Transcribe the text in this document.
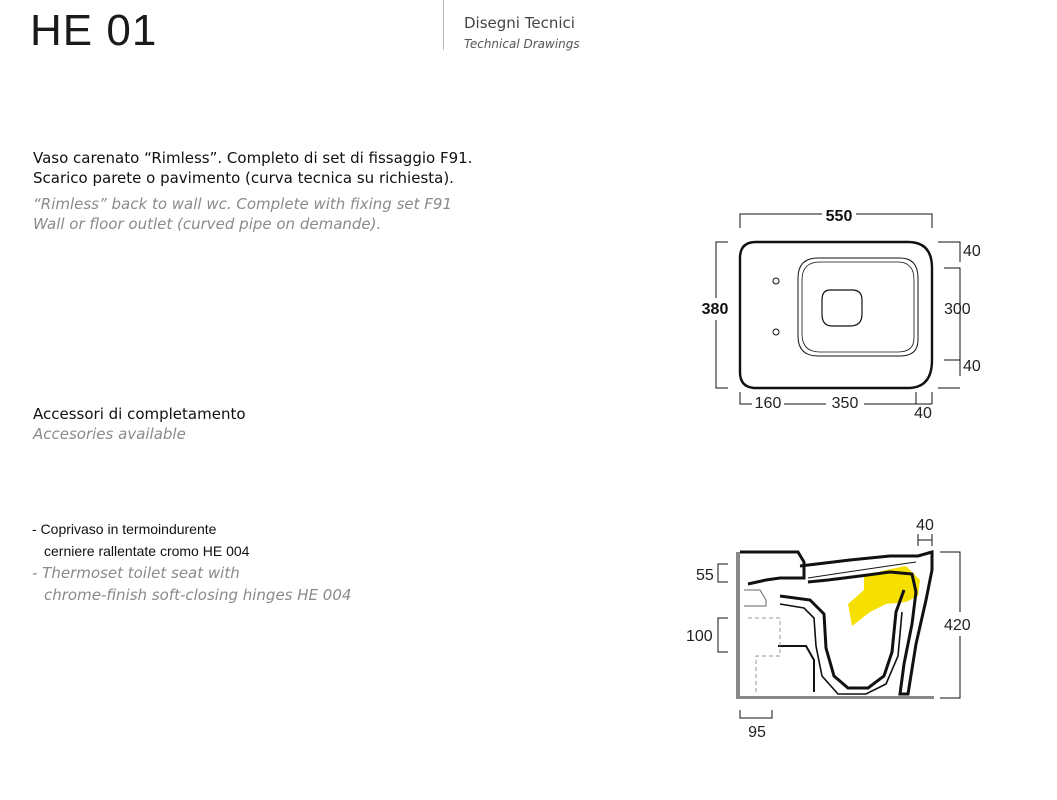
HE 01	Disegni Tecnici
Technical Drawings
Vaso carenato “Rimless”. Completo di set di fissaggio F91.
Scarico parete o pavimento (curva tecnica su richiesta).
“Rimless” back to wall wc. Complete with fixing set F91
Wall or floor outlet (curved pipe on demande).
Accessori di completamento
Accesories available
- Coprivaso in termoindurente
cerniere rallentate cromo HE 004
- Thermoset toilet seat with
chrome-finish soft-closing hinges HE 004
550
380
40
300
40
160	350
40
40
420
55
100
95
